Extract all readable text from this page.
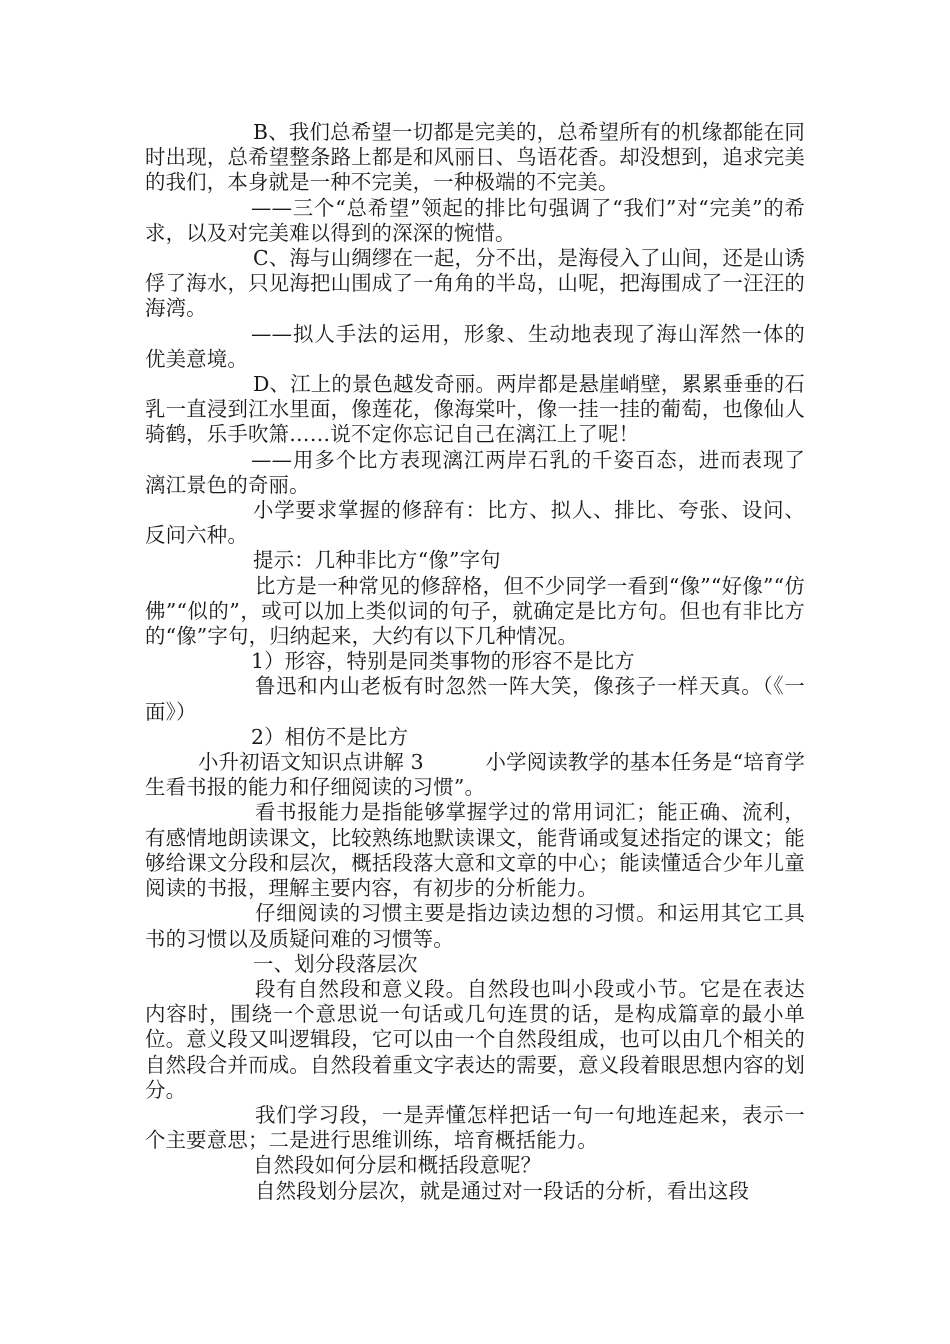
B、我们总希望一切都是完美的，总希望所有的机缘都能在同时出现，总希望整条路上都是和风丽日、鸟语花香。却没想到，追求完美的我们，本身就是一种不完美，一种极端的不完美。

——三个“总希望”领起的排比句强调了“我们”对“完美”的希求，以及对完美难以得到的深深的惋惜。

C、海与山绸缪在一起，分不出，是海侵入了山间，还是山诱俘了海水，只见海把山围成了一角角的半岛，山呢，把海围成了一汪汪的海湾。

——拟人手法的运用，形象、生动地表现了海山浑然一体的优美意境。

D、江上的景色越发奇丽。两岸都是悬崖峭壁，累累垂垂的石乳一直浸到江水里面，像莲花，像海棠叶，像一挂一挂的葡萄，也像仙人骑鹤，乐手吹箫……说不定你忘记自己在漓江上了呢！

——用多个比方表现漓江两岸石乳的千姿百态，进而表现了漓江景色的奇丽。

小学要求掌握的修辞有：比方、拟人、排比、夸张、设问、反问六种。

提示：几种非比方“像”字句

比方是一种常见的修辞格，但不少同学一看到“像”“好像”“仿佛”“似的”，或可以加上类似词的句子，就确定是比方句。但也有非比方的“像”字句，归纳起来，大约有以下几种情况。

1）形容，特别是同类事物的形容不是比方

鲁迅和内山老板有时忽然一阵大笑，像孩子一样天真。（《一面》）

2）相仿不是比方

小升初语文知识点讲解 3　　　小学阅读教学的基本任务是“培育学生看书报的能力和仔细阅读的习惯”。

看书报能力是指能够掌握学过的常用词汇；能正确、流利，有感情地朗读课文，比较熟练地默读课文，能背诵或复述指定的课文；能够给课文分段和层次，概括段落大意和文章的中心；能读懂适合少年儿童阅读的书报，理解主要内容，有初步的分析能力。

仔细阅读的习惯主要是指边读边想的习惯。和运用其它工具书的习惯以及质疑问难的习惯等。

一、划分段落层次

段有自然段和意义段。自然段也叫小段或小节。它是在表达内容时，围绕一个意思说一句话或几句连贯的话，是构成篇章的最小单位。意义段又叫逻辑段，它可以由一个自然段组成，也可以由几个相关的自然段合并而成。自然段着重文字表达的需要，意义段着眼思想内容的划分。

我们学习段，一是弄懂怎样把话一句一句地连起来，表示一个主要意思；二是进行思维训练，培育概括能力。

自然段如何分层和概括段意呢？

自然段划分层次，就是通过对一段话的分析，看出这段
